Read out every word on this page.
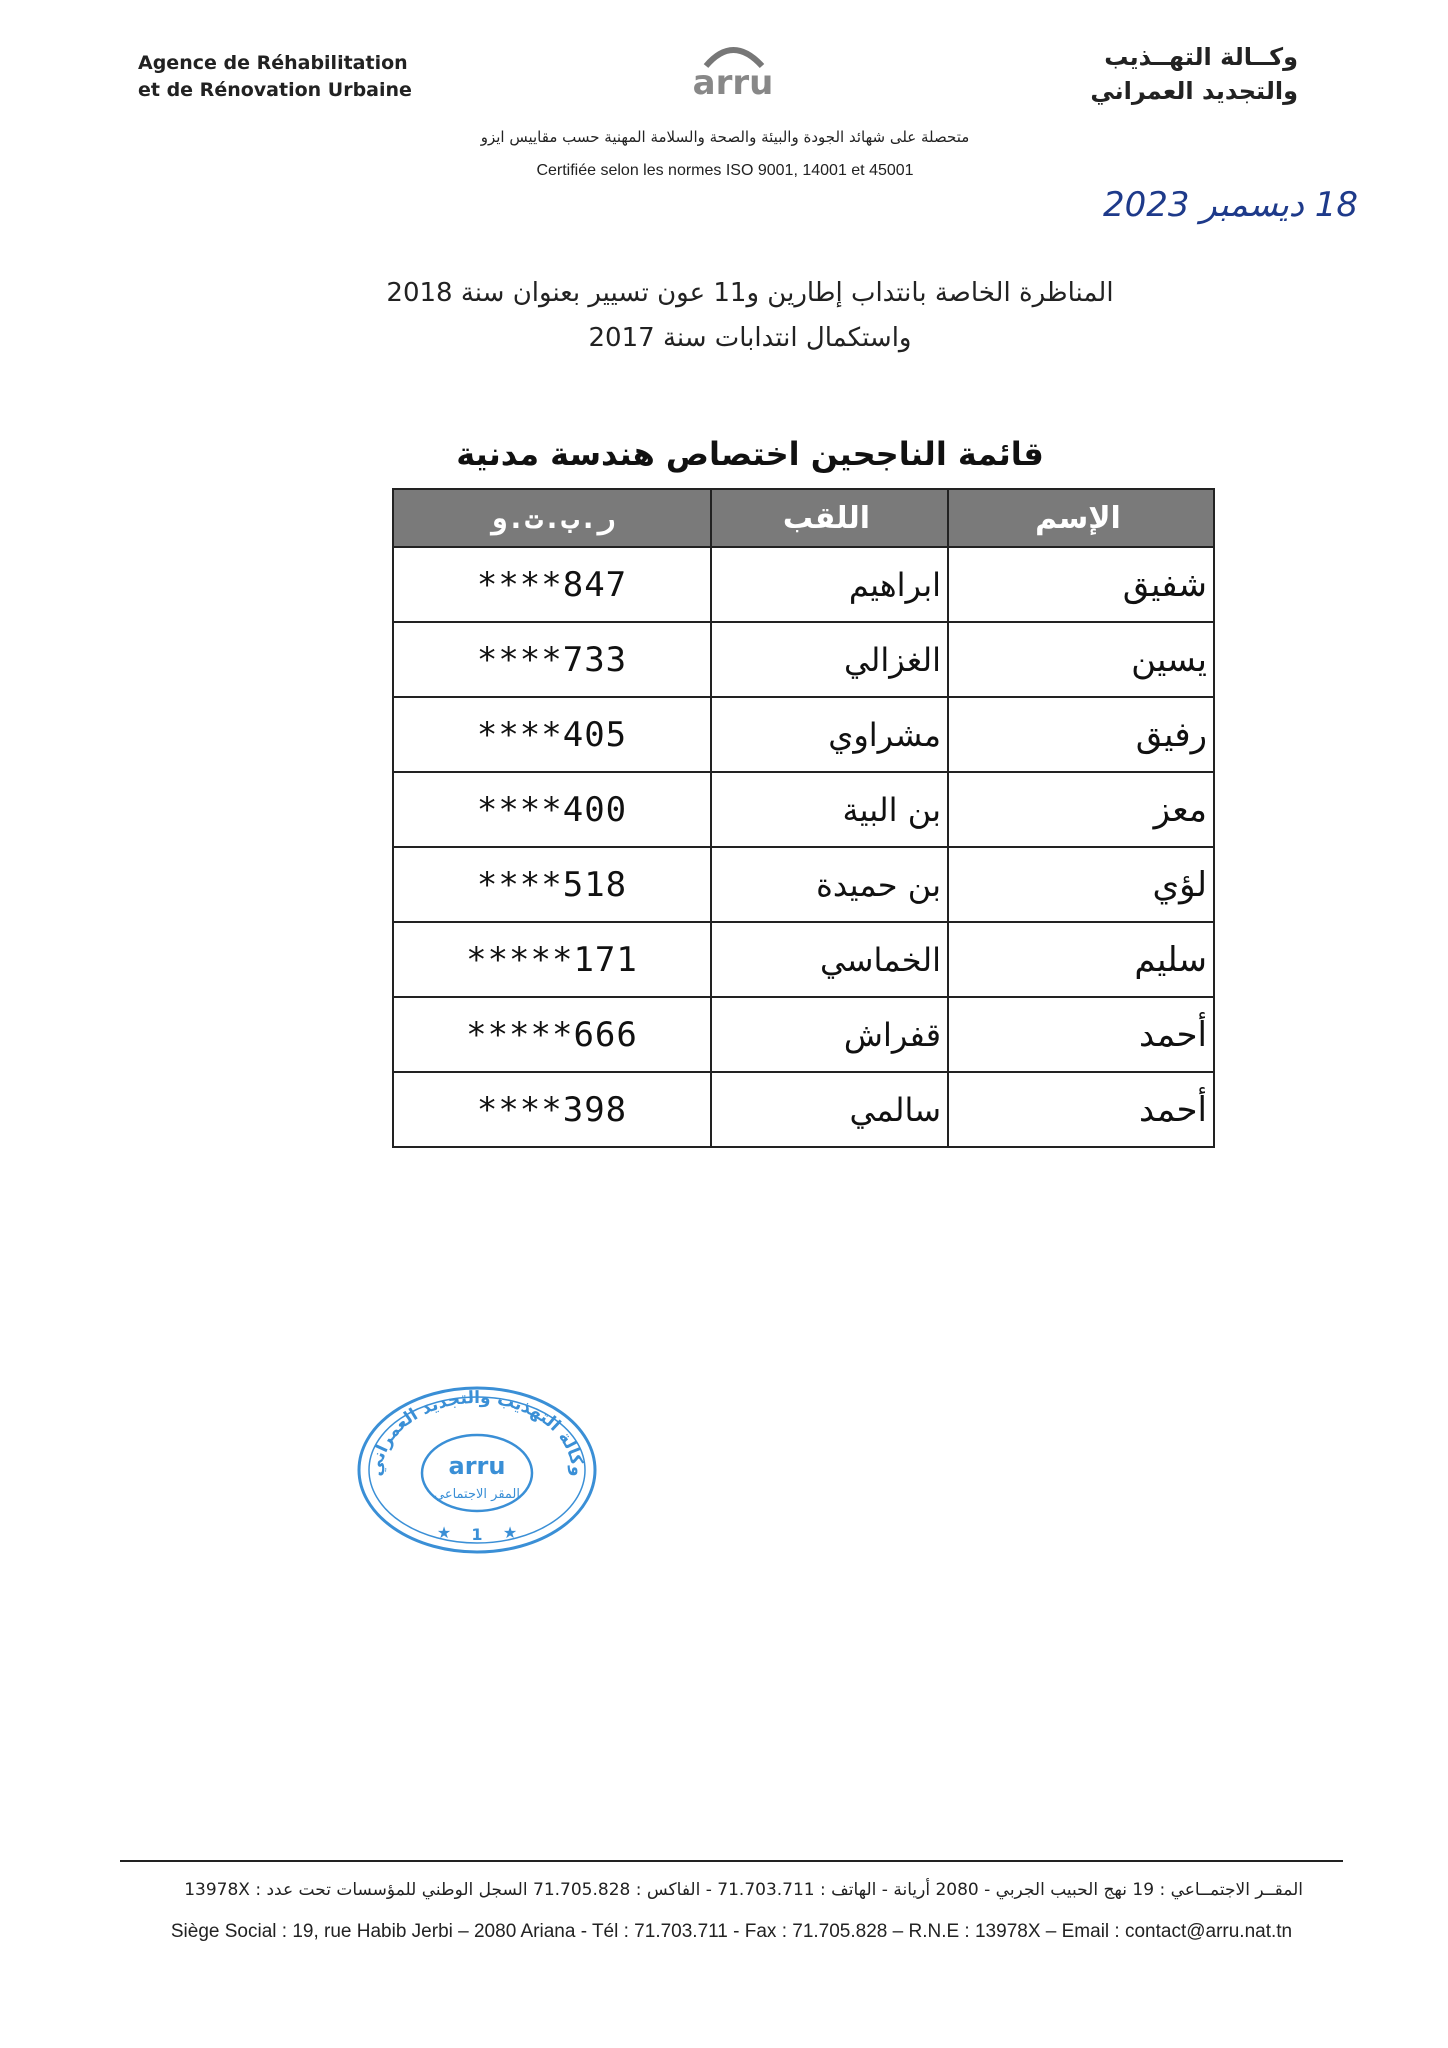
Agence de Réhabilitation
et de Rénovation Urbaine	arru
وكــالة التهــذيب
والتجديد العمراني
متحصلة على شهائد الجودة والبيئة والصحة والسلامة المهنية حسب مقاييس ايزو
Certifiée selon les normes ISO 9001, 14001 et 45001
18 ديسمبر 2023
المناظرة الخاصة بانتداب إطارين و11 عون تسيير بعنوان سنة 2018
واستكمال انتدابات سنة 2017
قائمة الناجحين اختصاص هندسة مدنية
الإسم
اللقب
ر.ب.ت.و
شفيق
ابراهيم
****847
يسين
الغزالي
****733
رفيق
مشراوي
****405
معز
بن البية
****400
لؤي
بن حميدة
****518
سليم
الخماسي
*****171
أحمد
قفراش
*****666
أحمد
سالمي
****398
وكالة التهذيب والتجديد العمراني
arru
المقر الاجتماعي
1
★	★
المقــر الاجتمــاعي : 19 نهج الحبيب الجربي - 2080 أريانة - الهاتف : 71.703.711 - الفاكس : 71.705.828 السجل الوطني للمؤسسات تحت عدد : 13978X
Siège Social : 19, rue Habib Jerbi – 2080 Ariana - Tél : 71.703.711 - Fax : 71.705.828 – R.N.E : 13978X – Email : contact@arru.nat.tn
